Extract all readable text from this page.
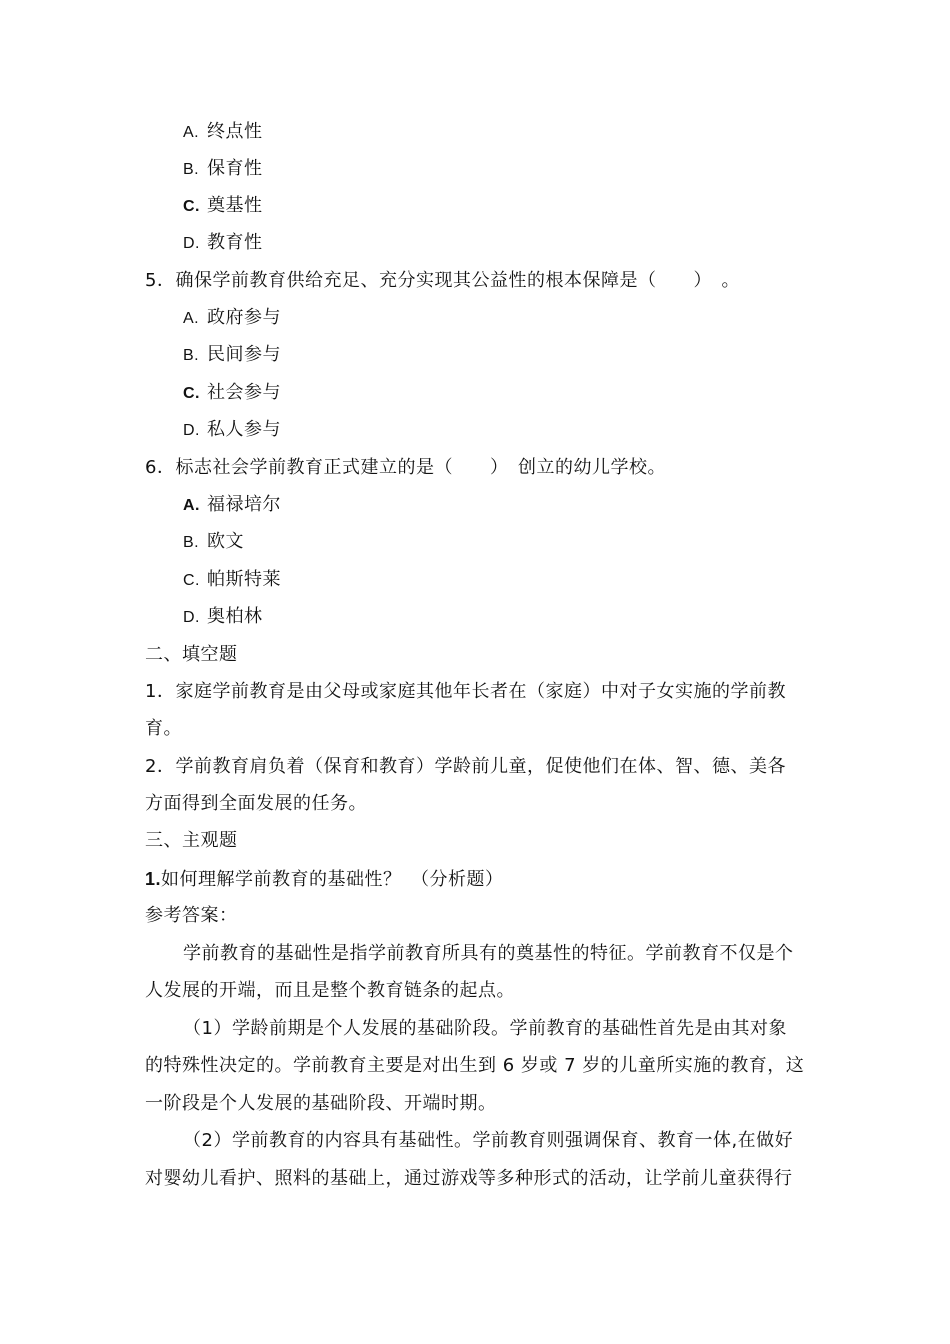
A. 终点性
B. 保育性
C. 奠基性
D. 教育性
5．确保学前教育供给充足、充分实现其公益性的根本保障是（　　）　。
A. 政府参与
B. 民间参与
C. 社会参与
D. 私人参与
6．标志社会学前教育正式建立的是（　　）　创立的幼儿学校。
A. 福禄培尔
B. 欧文
C. 帕斯特莱
D. 奥柏林
二、填空题
1．家庭学前教育是由父母或家庭其他年长者在（家庭）中对子女实施的学前教
育。
2．学前教育肩负着（保育和教育）学龄前儿童，促使他们在体、智、德、美各
方面得到全面发展的任务。
三、主观题
1.如何理解学前教育的基础性？　（分析题）
参考答案：
学前教育的基础性是指学前教育所具有的奠基性的特征。学前教育不仅是个
人发展的开端，而且是整个教育链条的起点。
（1）学龄前期是个人发展的基础阶段。学前教育的基础性首先是由其对象
的特殊性决定的。学前教育主要是对出生到 6 岁或 7 岁的儿童所实施的教育，这
一阶段是个人发展的基础阶段、开端时期。
（2）学前教育的内容具有基础性。学前教育则强调保育、教育一体,在做好
对婴幼儿看护、照料的基础上，通过游戏等多种形式的活动，让学前儿童获得行
